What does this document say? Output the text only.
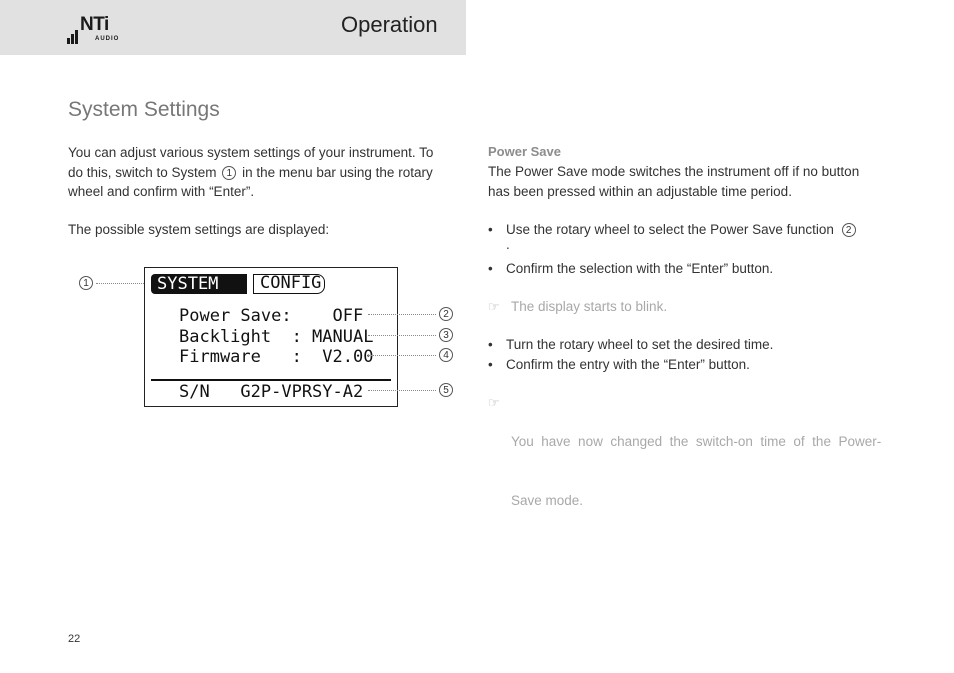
NTi
AUDIO
Operation
System Settings
You can adjust various system settings of your instrument. To
do this, switch to System 1 in the menu bar using the rotary
wheel and confirm with “Enter”.
The possible system settings are displayed:
SYSTEM	CONFIG
Power Save:    OFF
Backlight  : MANUAL
Firmware   :  V2.00
S/N   G2P-VPRSY-A2
1
2
3
4
5
Power Save
The Power Save mode switches the instrument off if no button
has been pressed within an adjustable time period.
• Use the rotary wheel to select the Power Save function 2
.
• Confirm the selection with the “Enter” button.
☞ The display starts to blink.
• Turn the rotary wheel to set the desired time.
• Confirm the entry with the “Enter” button.
☞

You  have  now  changed  the  switch-on  time  of  the  Power-

Save mode.

22
